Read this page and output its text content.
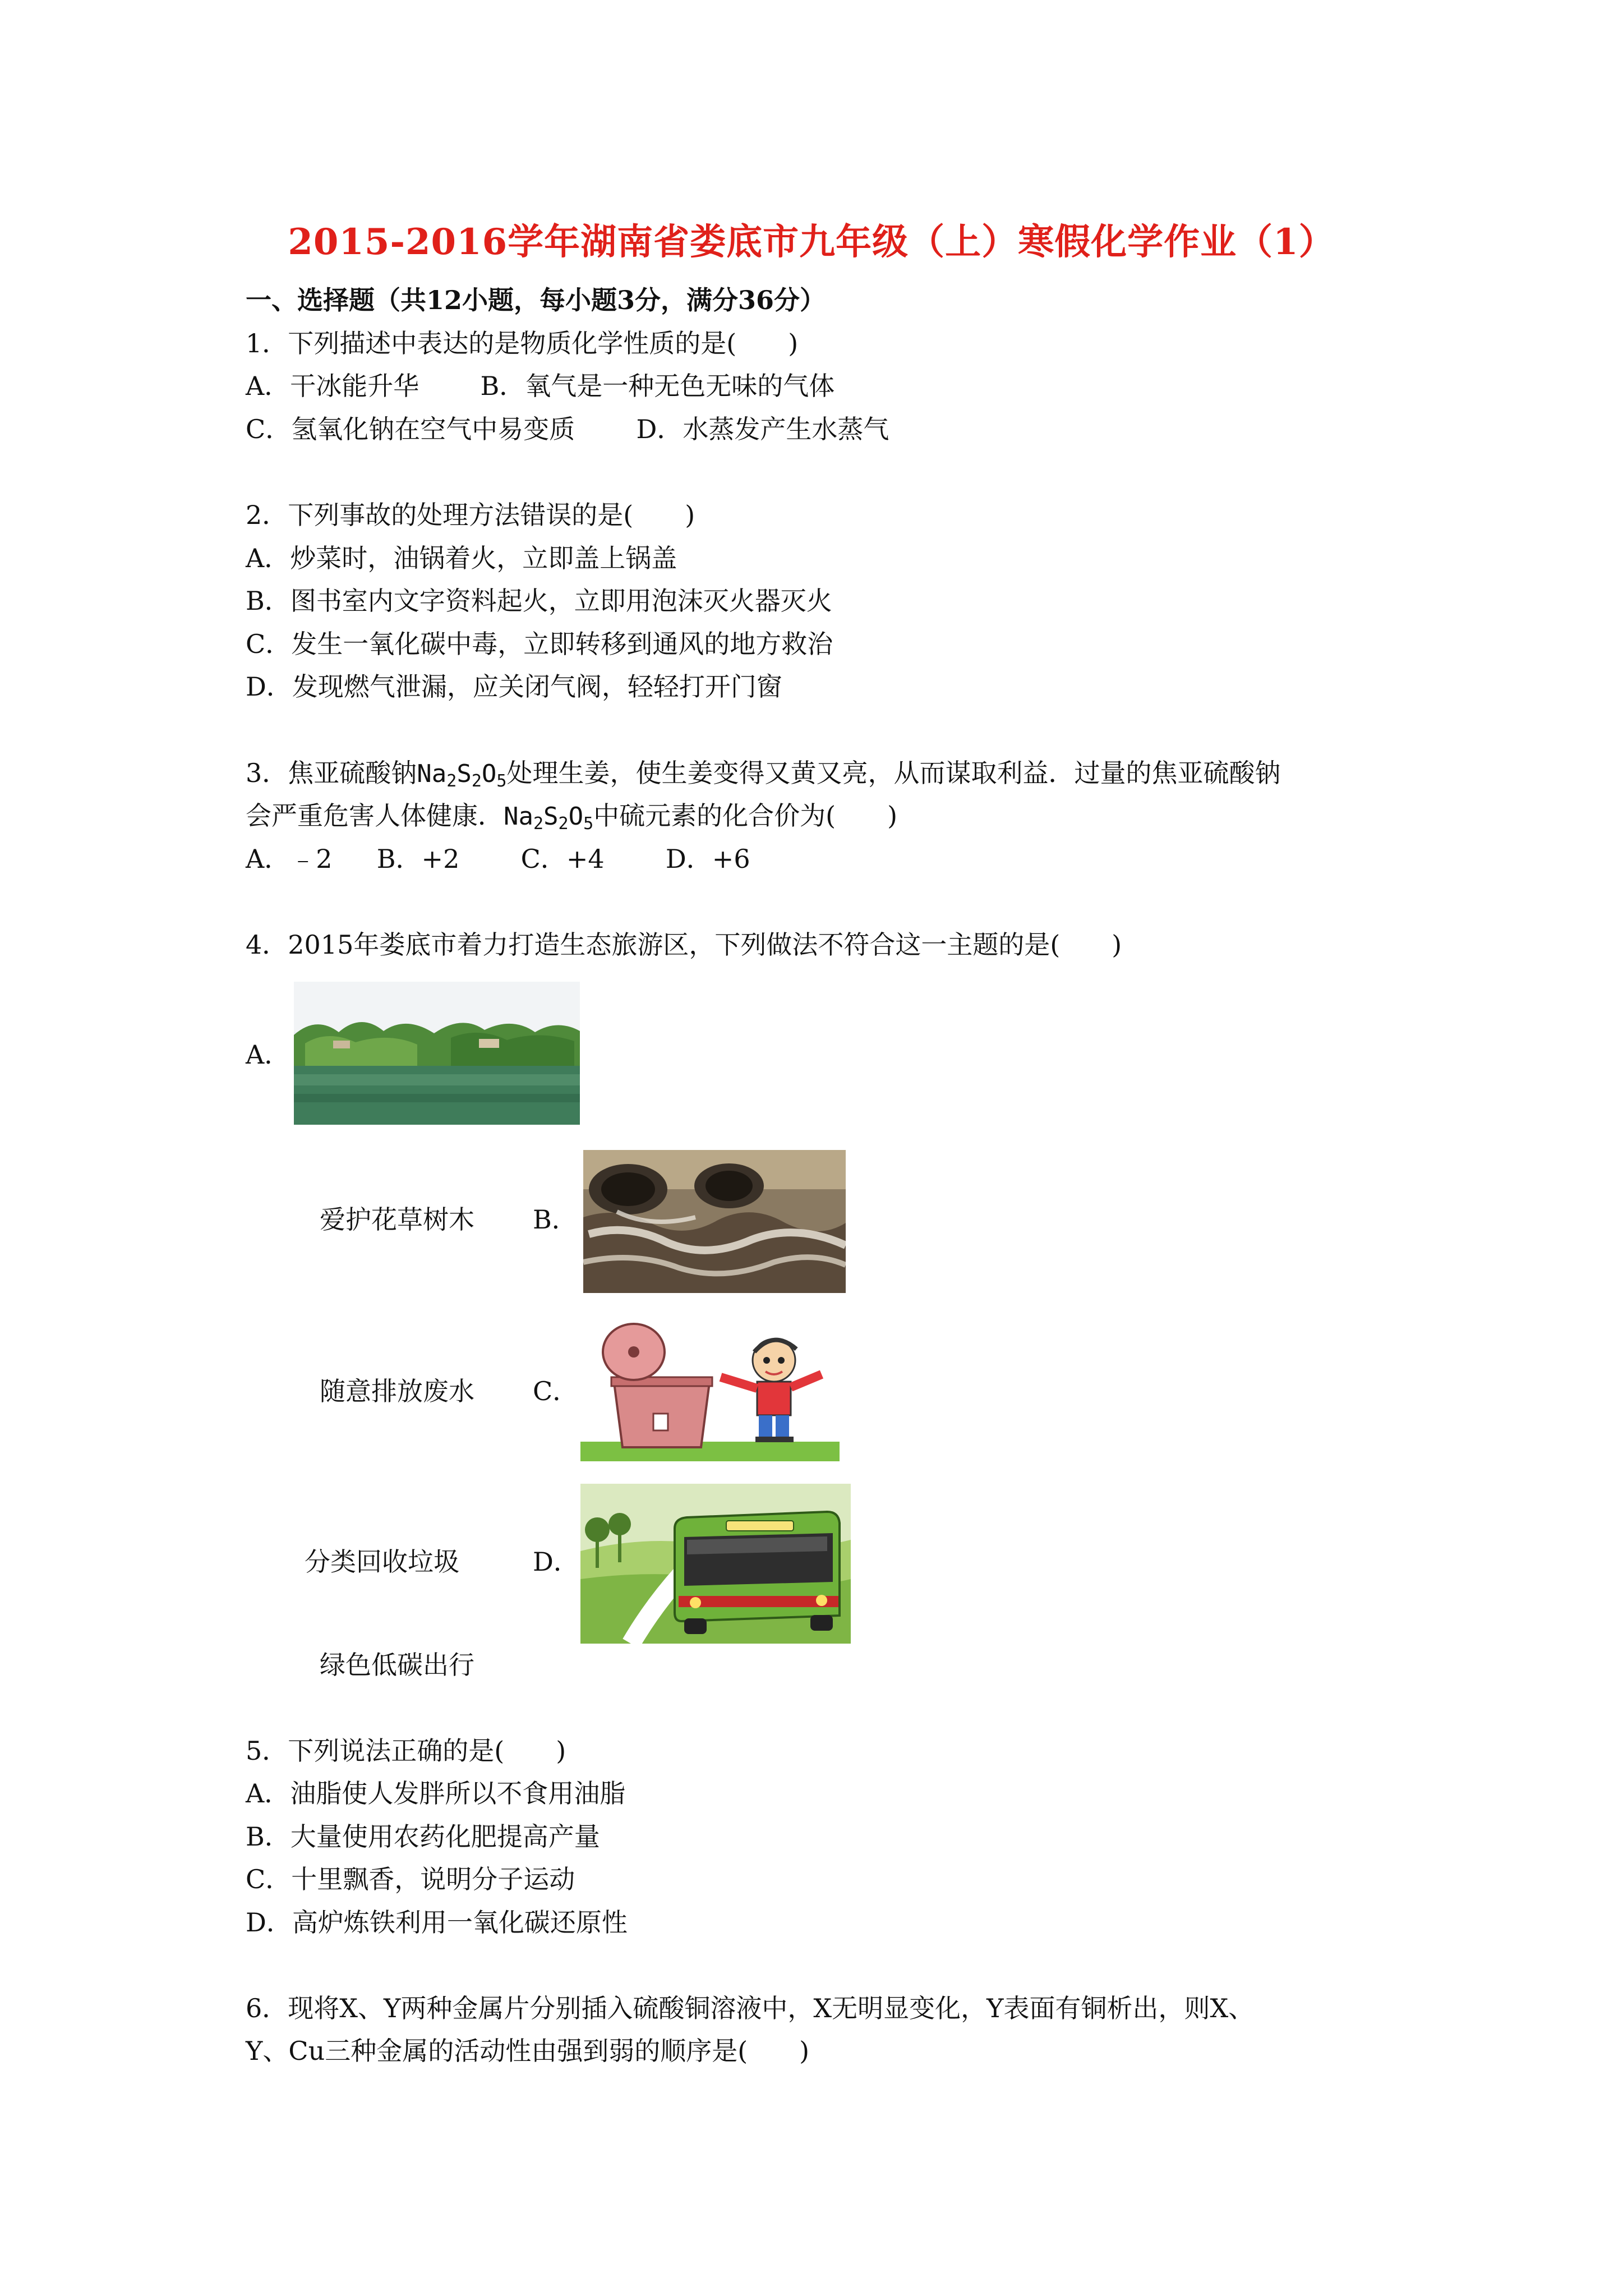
2015-2016学年湖南省娄底市九年级（上）寒假化学作业（1）
一、选择题（共12小题，每小题3分，满分36分）
1．下列描述中表达的是物质化学性质的是(　　)
A．干冰能升华 B．氧气是一种无色无味的气体
C．氢氧化钠在空气中易变质 D．水蒸发产生水蒸气
2．下列事故的处理方法错误的是(　　)
A．炒菜时，油锅着火，立即盖上锅盖
B．图书室内文字资料起火，立即用泡沫灭火器灭火
C．发生一氧化碳中毒，立即转移到通风的地方救治
D．发现燃气泄漏，应关闭气阀，轻轻打开门窗
3．焦亚硫酸钠$Na_2S_2O_5$处理生姜，使生姜变得又黄又亮，从而谋取利益．过量的焦亚硫酸钠
会严重危害人体健康．$Na_2S_2O_5$中硫元素的化合价为(　　)
A．﹣2 B．+2 C．+4 D．+6
4．2015年娄底市着力打造生态旅游区，下列做法不符合这一主题的是(　　)
A．
爱护花草树木 B．
随意排放废水 C．
分类回收垃圾	D．
绿色低碳出行
5．下列说法正确的是(　　)
A．油脂使人发胖所以不食用油脂
B．大量使用农药化肥提高产量
C．十里飘香，说明分子运动
D．高炉炼铁利用一氧化碳还原性
6．现将X、Y两种金属片分别插入硫酸铜溶液中，X无明显变化，Y表面有铜析出，则X、
Y、Cu三种金属的活动性由强到弱的顺序是(　　)
